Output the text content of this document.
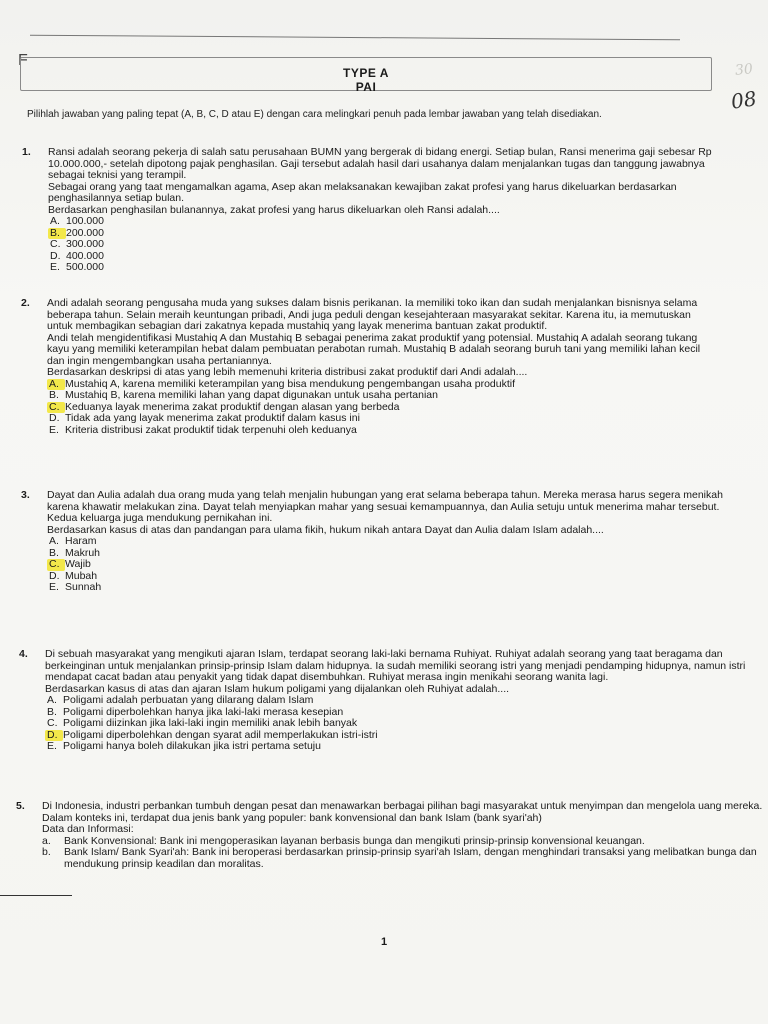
F
TYPE A
PAI
30
08
Pilihlah jawaban yang paling tepat (A, B, C, D atau E) dengan cara melingkari penuh pada lembar jawaban yang telah disediakan.
1. Ransi adalah seorang pekerja di salah satu perusahaan BUMN yang bergerak di bidang energi. Setiap bulan, Ransi menerima gaji sebesar Rp 10.000.000,- setelah dipotong pajak penghasilan. Gaji tersebut adalah hasil dari usahanya dalam menjalankan tugas dan tanggung jawabnya sebagai teknisi yang terampil.

Sebagai orang yang taat mengamalkan agama, Asep akan melaksanakan kewajiban zakat profesi yang harus dikeluarkan berdasarkan penghasilannya setiap bulan.

Berdasarkan penghasilan bulanannya, zakat profesi yang harus dikeluarkan oleh Ransi adalah....

A. 100.000
B. 200.000
C. 300.000
D. 400.000
E. 500.000
2. Andi adalah seorang pengusaha muda yang sukses dalam bisnis perikanan. Ia memiliki toko ikan dan sudah menjalankan bisnisnya selama beberapa tahun. Selain meraih keuntungan pribadi, Andi juga peduli dengan kesejahteraan masyarakat sekitar. Karena itu, ia memutuskan untuk membagikan sebagian dari zakatnya kepada mustahiq yang layak menerima bantuan zakat produktif.

Andi telah mengidentifikasi Mustahiq A dan Mustahiq B sebagai penerima zakat produktif yang potensial. Mustahiq A adalah seorang tukang kayu yang memiliki keterampilan hebat dalam pembuatan perabotan rumah. Mustahiq B adalah seorang buruh tani yang memiliki lahan kecil dan ingin mengembangkan usaha pertaniannya.

Berdasarkan deskripsi di atas yang lebih memenuhi kriteria distribusi zakat produktif dari Andi adalah....

A. Mustahiq A, karena memiliki keterampilan yang bisa mendukung pengembangan usaha produktif
B. Mustahiq B, karena memiliki lahan yang dapat digunakan untuk usaha pertanian
C. Keduanya layak menerima zakat produktif dengan alasan yang berbeda
D. Tidak ada yang layak menerima zakat produktif dalam kasus ini
E. Kriteria distribusi zakat produktif tidak terpenuhi oleh keduanya
3. Dayat dan Aulia adalah dua orang muda yang telah menjalin hubungan yang erat selama beberapa tahun. Mereka merasa harus segera menikah karena khawatir melakukan zina. Dayat telah menyiapkan mahar yang sesuai kemampuannya, dan Aulia setuju untuk menerima mahar tersebut. Kedua keluarga juga mendukung pernikahan ini.

Berdasarkan kasus di atas dan pandangan para ulama fikih, hukum nikah antara Dayat dan Aulia dalam Islam adalah....

A. Haram
B. Makruh
C. Wajib
D. Mubah
E. Sunnah
4. Di sebuah masyarakat yang mengikuti ajaran Islam, terdapat seorang laki-laki bernama Ruhiyat. Ruhiyat adalah seorang yang taat beragama dan berkeinginan untuk menjalankan prinsip-prinsip Islam dalam hidupnya. Ia sudah memiliki seorang istri yang menjadi pendamping hidupnya, namun istri mendapat cacat badan atau penyakit yang tidak dapat disembuhkan. Ruhiyat merasa ingin menikahi seorang wanita lagi.

Berdasarkan kasus di atas dan ajaran Islam hukum poligami yang dijalankan oleh Ruhiyat adalah....

A. Poligami adalah perbuatan yang dilarang dalam Islam
B. Poligami diperbolehkan hanya jika laki-laki merasa kesepian
C. Poligami diizinkan jika laki-laki ingin memiliki anak lebih banyak
D. Poligami diperbolehkan dengan syarat adil memperlakukan istri-istri
E. Poligami hanya boleh dilakukan jika istri pertama setuju
5. Di Indonesia, industri perbankan tumbuh dengan pesat dan menawarkan berbagai pilihan bagi masyarakat untuk menyimpan dan mengelola uang mereka. Dalam konteks ini, terdapat dua jenis bank yang populer: bank konvensional dan bank Islam (bank syari'ah)

Data dan Informasi:

a.	Bank Konvensional: Bank ini mengoperasikan layanan berbasis bunga dan mengikuti prinsip-prinsip konvensional keuangan.
b.	Bank Islam/ Bank Syari'ah: Bank ini beroperasi berdasarkan prinsip-prinsip syari'ah Islam, dengan menghindari transaksi yang melibatkan bunga dan mendukung prinsip keadilan dan moralitas.
1
